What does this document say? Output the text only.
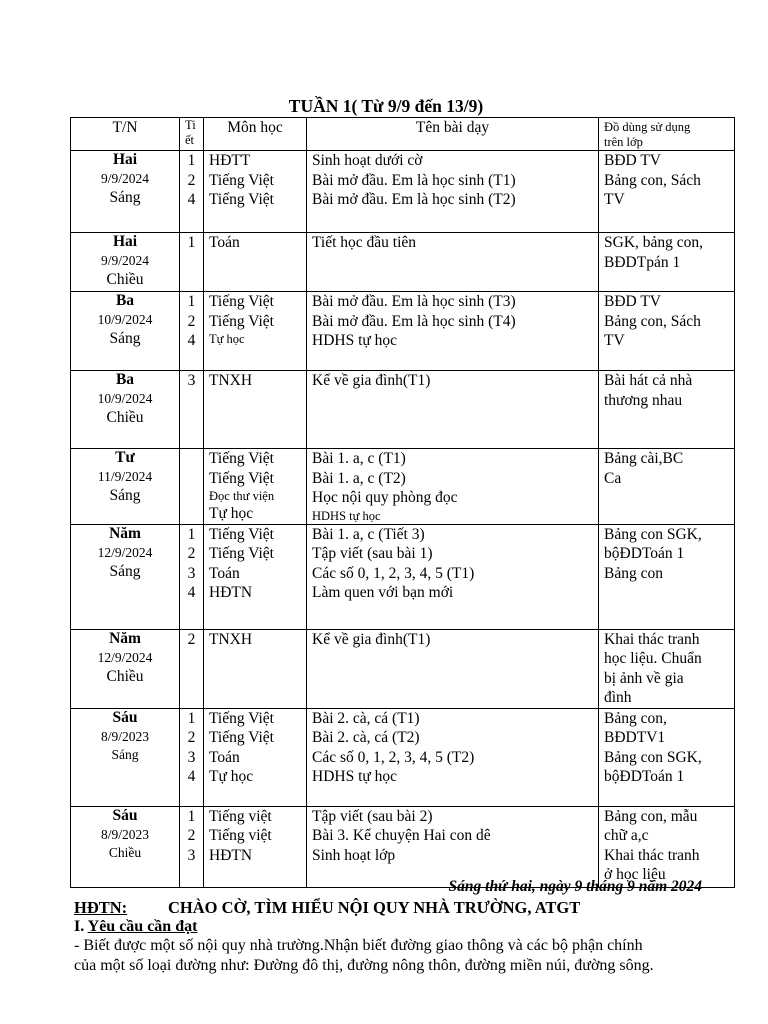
TUẦN 1( Từ 9/9 đến 13/9)
T/N	Ti
ết	Môn học	Tên bài dạy	Đồ dùng sử dụng
trên lớp

Hai
9/9/2024
Sáng	1
2
4	HĐTT
Tiếng Việt
Tiếng Việt	Sinh hoạt dưới cờ
Bài mở đầu. Em là học sinh (T1)
Bài mở đầu. Em là học sinh (T2)	BĐD TV
Bảng con, Sách
TV

Hai
9/9/2024
Chiều	1	Toán	Tiết học đầu tiên	SGK, bảng con,
BĐDTpán 1

Ba
10/9/2024
Sáng	1
2
4	Tiếng Việt
Tiếng Việt
Tự học	Bài mở đầu. Em là học sinh (T3)
Bài mở đầu. Em là học sinh (T4)
HDHS tự học	BĐD TV
Bảng con, Sách
TV

Ba
10/9/2024
Chiều	3	TNXH	Kể về gia đình(T1)	Bài hát cả nhà
thương nhau

Tư
11/9/2024
Sáng		Tiếng Việt
Tiếng Việt
Đọc thư viện
Tự học	Bài 1. a, c (T1)
Bài 1. a, c (T2)
Học nội quy phòng đọc
HDHS tự học	Bảng cài,BC
Ca

Năm
12/9/2024
Sáng	1
2
3
4	Tiếng Việt
Tiếng Việt
Toán
HĐTN	Bài 1. a, c (Tiết 3)
Tập viết (sau bài 1)
Các số 0, 1, 2, 3, 4, 5 (T1)
Làm quen với bạn mới	Bảng con SGK,
bộĐDToán 1
Bảng con

Năm
12/9/2024
Chiều	2	TNXH	Kể về gia đình(T1)	Khai thác tranh
học liệu. Chuẩn
bị ảnh về gia
đình

Sáu
8/9/2023
Sáng	1
2
3
4	Tiếng Việt
Tiếng Việt
Toán
Tự học	Bài 2. cà, cá (T1)
Bài 2. cà, cá (T2)
Các số 0, 1, 2, 3, 4, 5 (T2)
HDHS tự học	Bảng con,
BĐDTV1
Bảng con SGK,
bộĐDToán 1

Sáu
8/9/2023
Chiều	1
2
3	Tiếng việt
Tiếng việt
HĐTN	Tập viết (sau bài 2)
Bài 3. Kể chuyện Hai con dê
Sinh hoạt lớp	Bảng con, mẫu
chữ a,c
Khai thác tranh
ở học liệu
Sáng thứ hai, ngày 9 tháng 9 năm 2024
HĐTN: CHÀO CỜ, TÌM HIỂU NỘI QUY NHÀ TRƯỜNG, ATGT
I. Yêu cầu cần đạt
- Biết được một số nội quy nhà trường.Nhận biết đường giao thông và các bộ phận chính
của một số loại đường như: Đường đô thị, đường nông thôn, đường miền núi, đường sông.
